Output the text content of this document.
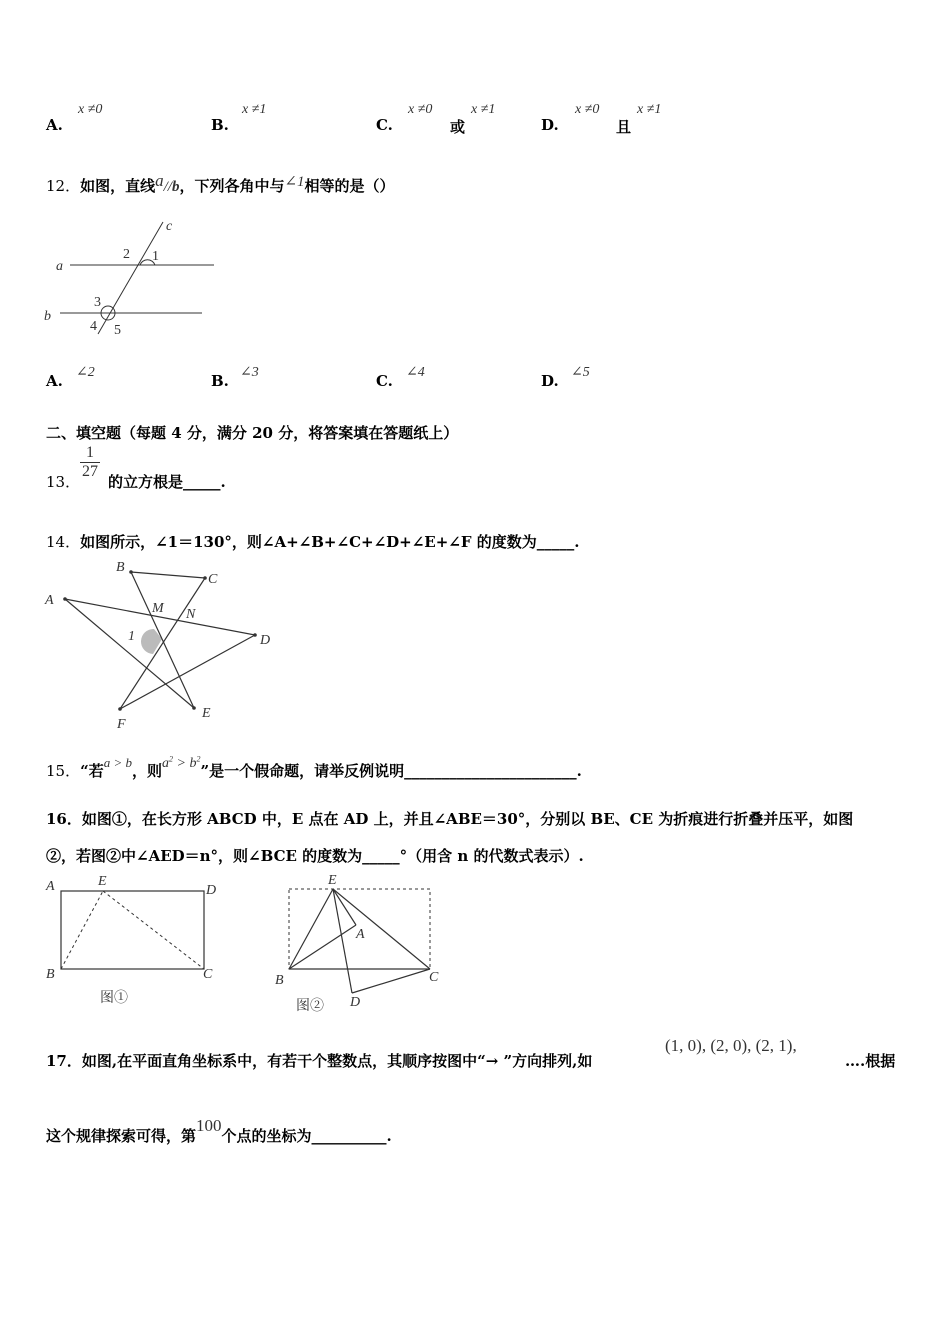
A.
x ≠0
B.
x ≠1
C.
x ≠0
或
x ≠1
D.
x ≠0
且
x ≠1
12．如图，直线a//b，下列各角中与∠1相等的是（）
c
a
b
2 1
3
4 5
A. ∠2	B. ∠3	C. ∠4	D. ∠5
二、填空题（每题 4 分，满分 20 分，将答案填在答题纸上）
13．
$\frac{1}{27}$
的立方根是_____.
14．如图所示，∠1＝130°，则∠A+∠B+∠C+∠D+∠E+∠F 的度数为_____.
A
B
C
D
E
F
M N
1
15．“若a > b，则$a^2 > b^2$”是一个假命题，请举反例说明_______________________.
16．如图①，在长方形 ABCD 中，E 点在 AD 上，并且∠ABE＝30°，分别以 BE、CE 为折痕进行折叠并压平，如图
②，若图②中∠AED＝n°，则∠BCE 的度数为_____°（用含 n 的代数式表示）.
A	E
D
B	C
图①
E
A
B	C
D
图②
17．如图,在平面直角坐标系中，有若干个整数点，其顺序按图中“→ ”方向排列,如
(1, 0), (2, 0), (2, 1),
….根据
这个规律探索可得，第100个点的坐标为__________.
